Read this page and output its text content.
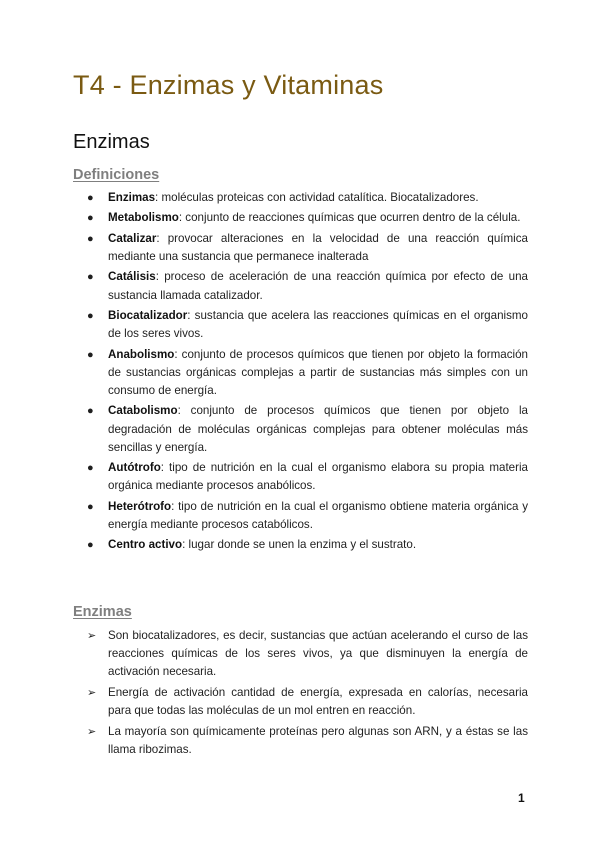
T4 - Enzimas y Vitaminas
Enzimas
Definiciones
● Enzimas: moléculas proteicas con actividad catalítica. Biocatalizadores.
● Metabolismo: conjunto de reacciones químicas que ocurren dentro de la célula.
● Catalizar: provocar alteraciones en la velocidad de una reacción química mediante una sustancia que permanece inalterada
● Catálisis: proceso de aceleración de una reacción química por efecto de una sustancia llamada catalizador.
● Biocatalizador: sustancia que acelera las reacciones químicas en el organismo de los seres vivos.
● Anabolismo: conjunto de procesos químicos que tienen por objeto la formación de sustancias orgánicas complejas a partir de sustancias más simples con un consumo de energía.
● Catabolismo: conjunto de procesos químicos que tienen por objeto la degradación de moléculas orgánicas complejas para obtener moléculas más sencillas y energía.
● Autótrofo: tipo de nutrición en la cual el organismo elabora su propia materia orgánica mediante procesos anabólicos.
● Heterótrofo: tipo de nutrición en la cual el organismo obtiene materia orgánica y energía mediante procesos catabólicos.
● Centro activo: lugar donde se unen la enzima y el sustrato.
Enzimas
➢ Son biocatalizadores, es decir, sustancias que actúan acelerando el curso de las reacciones químicas de los seres vivos, ya que disminuyen la energía de activación necesaria.
➢ Energía de activación cantidad de energía, expresada en calorías, necesaria para que todas las moléculas de un mol entren en reacción.
➢ La mayoría son químicamente proteínas pero algunas son ARN, y a éstas se las llama ribozimas.
1
